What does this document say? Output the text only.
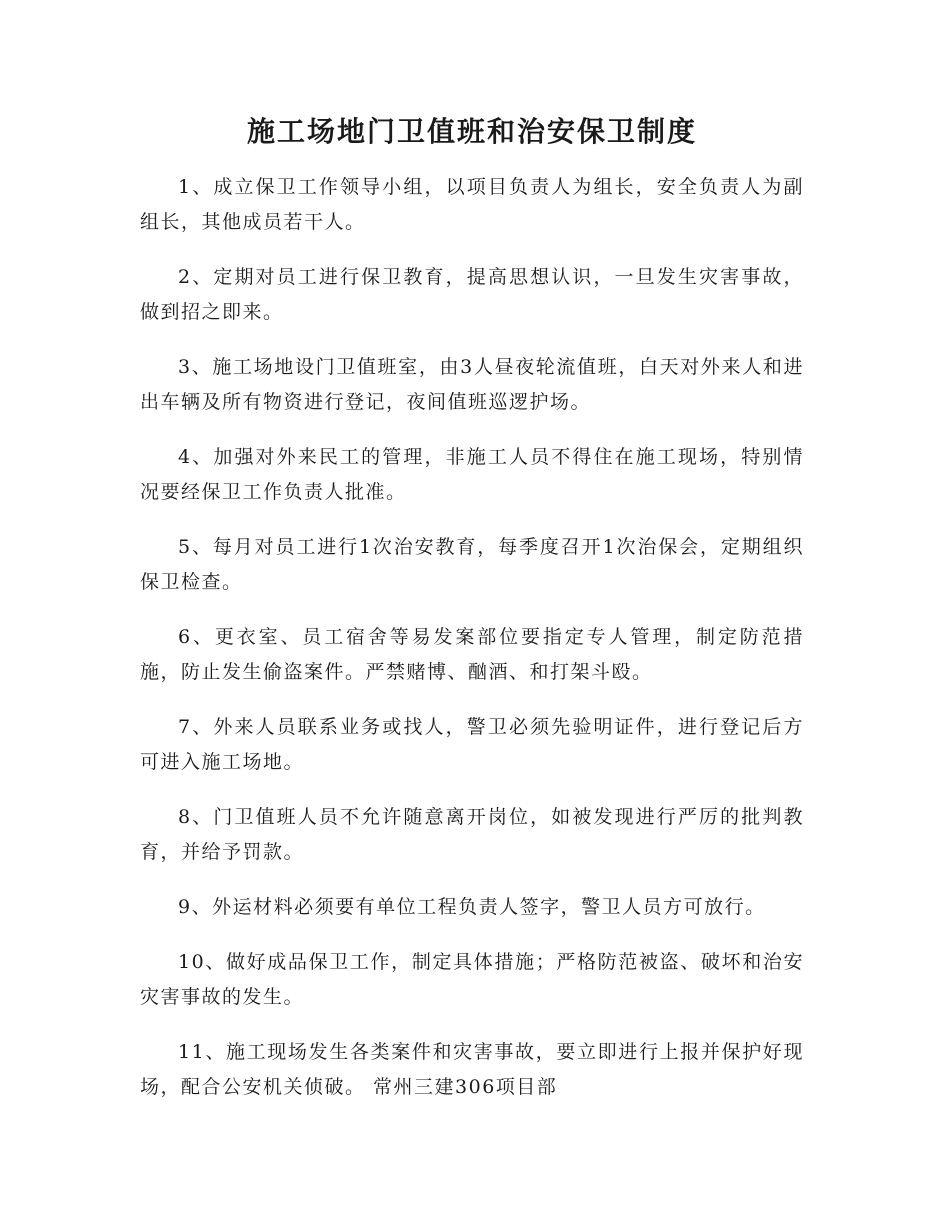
施工场地门卫值班和治安保卫制度
1、成立保卫工作领导小组，以项目负责人为组长，安全负责人为副组长，其他成员若干人。
2、定期对员工进行保卫教育，提高思想认识，一旦发生灾害事故，做到招之即来。
3、施工场地设门卫值班室，由3人昼夜轮流值班，白天对外来人和进出车辆及所有物资进行登记，夜间值班巡逻护场。
4、加强对外来民工的管理，非施工人员不得住在施工现场，特别情况要经保卫工作负责人批准。
5、每月对员工进行1次治安教育，每季度召开1次治保会，定期组织保卫检查。
6、更衣室、员工宿舍等易发案部位要指定专人管理，制定防范措施，防止发生偷盗案件。严禁赌博、酗酒、和打架斗殴。
7、外来人员联系业务或找人，警卫必须先验明证件，进行登记后方可进入施工场地。
8、门卫值班人员不允许随意离开岗位，如被发现进行严厉的批判教育，并给予罚款。
9、外运材料必须要有单位工程负责人签字，警卫人员方可放行。
10、做好成品保卫工作，制定具体措施；严格防范被盗、破坏和治安灾害事故的发生。
11、施工现场发生各类案件和灾害事故，要立即进行上报并保护好现场，配合公安机关侦破。 常州三建306项目部
